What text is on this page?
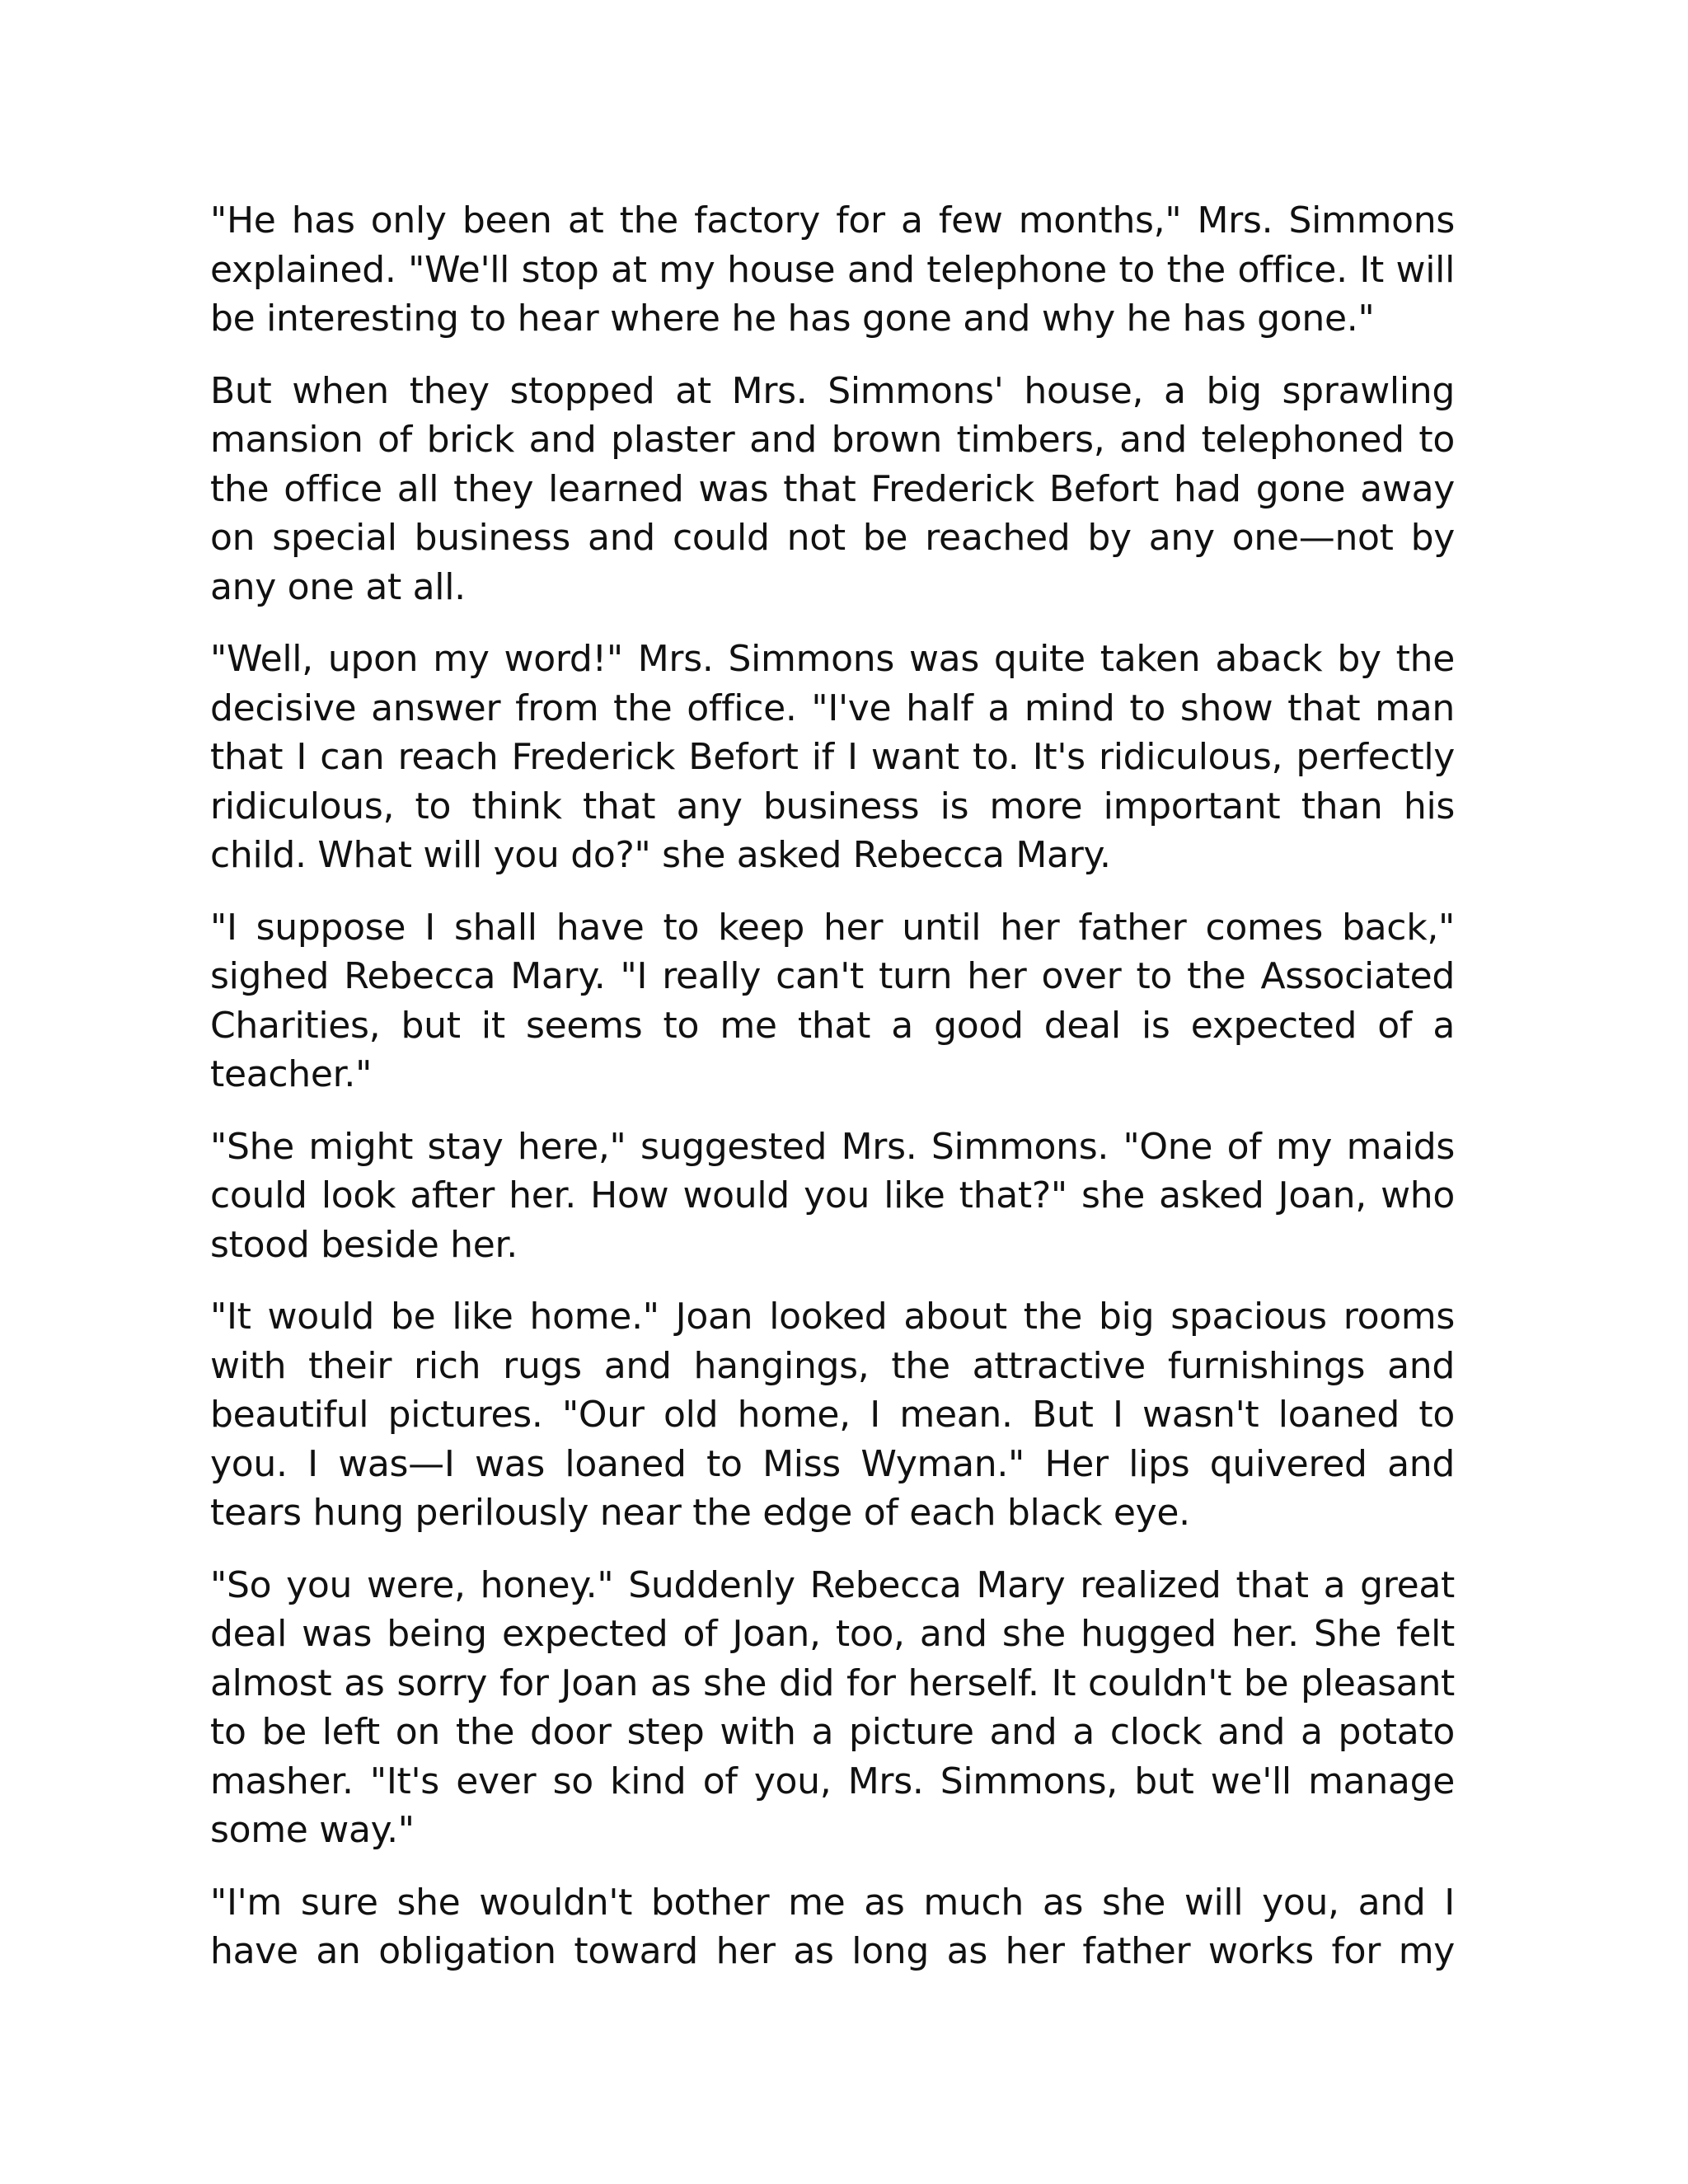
"He has only been at the factory for a few months," Mrs. Simmons explained. "We'll stop at my house and telephone to the office. It will be interesting to hear where he has gone and why he has gone."

But when they stopped at Mrs. Simmons' house, a big sprawling mansion of brick and plaster and brown timbers, and telephoned to the office all they learned was that Frederick Befort had gone away on special business and could not be reached by any one—not by any one at all.

"Well, upon my word!" Mrs. Simmons was quite taken aback by the decisive answer from the office. "I've half a mind to show that man that I can reach Frederick Befort if I want to. It's ridiculous, perfectly ridiculous, to think that any business is more important than his child. What will you do?" she asked Rebecca Mary.

"I suppose I shall have to keep her until her father comes back," sighed Rebecca Mary. "I really can't turn her over to the Associated Charities, but it seems to me that a good deal is expected of a teacher."

"She might stay here," suggested Mrs. Simmons. "One of my maids could look after her. How would you like that?" she asked Joan, who stood beside her.

"It would be like home." Joan looked about the big spacious rooms with their rich rugs and hangings, the attractive furnishings and beautiful pictures. "Our old home, I mean. But I wasn't loaned to you. I was—I was loaned to Miss Wyman." Her lips quivered and tears hung perilously near the edge of each black eye.

"So you were, honey." Suddenly Rebecca Mary realized that a great deal was being expected of Joan, too, and she hugged her. She felt almost as sorry for Joan as she did for herself. It couldn't be pleasant to be left on the door step with a picture and a clock and a potato masher. "It's ever so kind of you, Mrs. Simmons, but we'll manage some way."

"I'm sure she wouldn't bother me as much as she will you, and I have an obligation toward her as long as her father works for my
